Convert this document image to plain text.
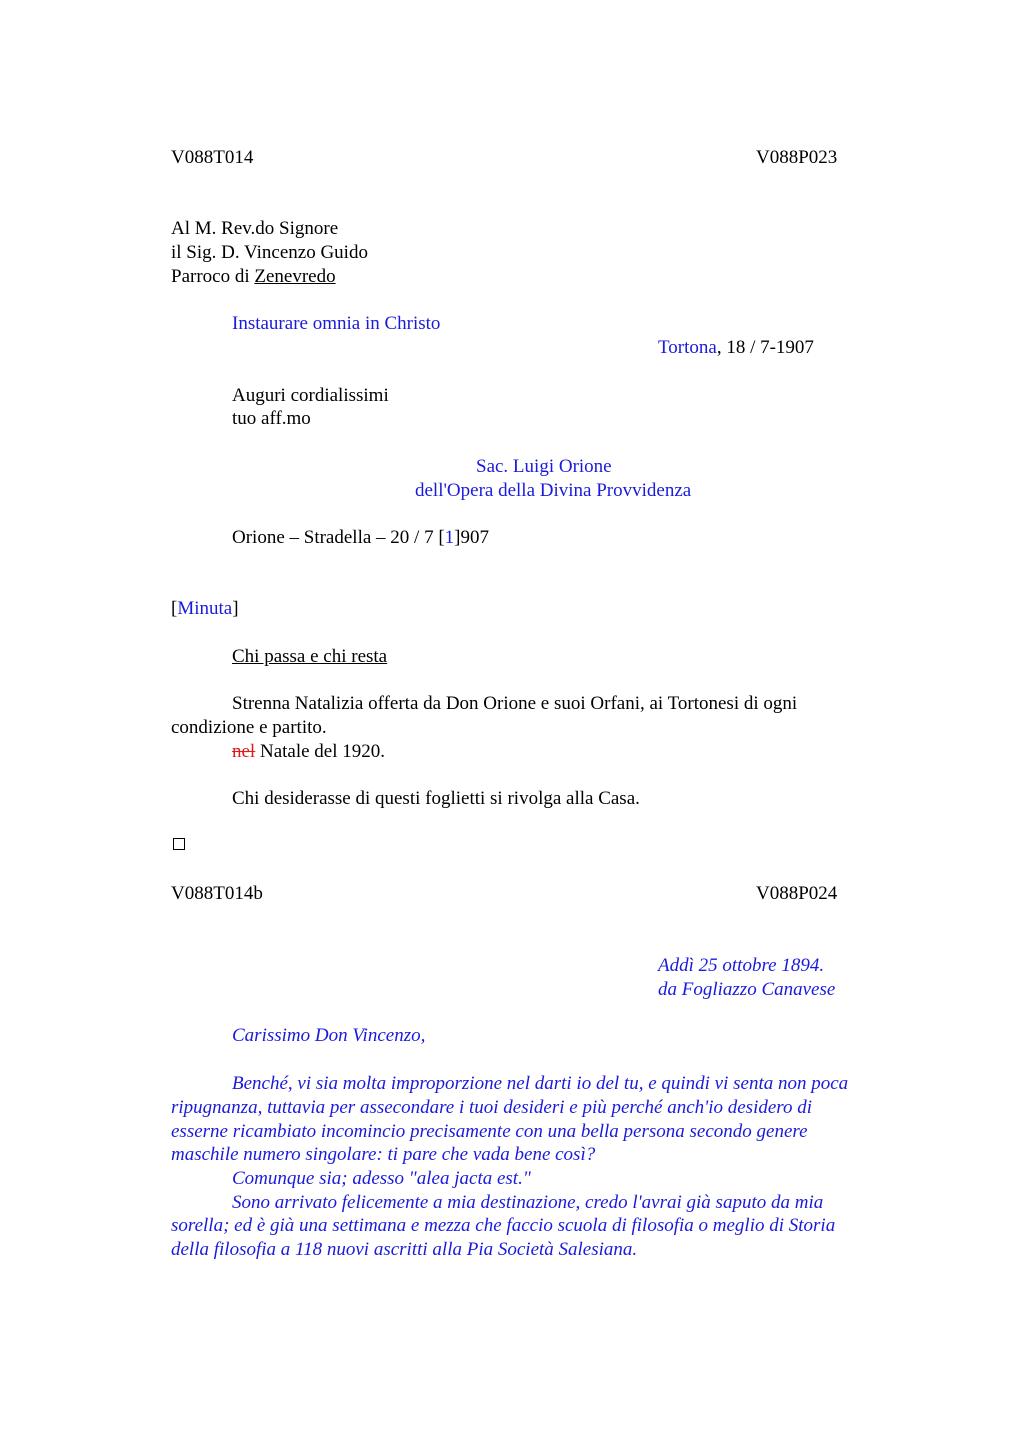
V088T014	V088P023
Al M. Rev.do Signore
il Sig. D. Vincenzo Guido
Parroco di Zenevredo
Instaurare omnia in Christo
Tortona, 18 / 7-1907
Auguri cordialissimi
tuo aff.mo
Sac. Luigi Orione
dell'Opera della Divina Provvidenza
Orione – Stradella – 20 / 7 [1]907
[Minuta]
Chi passa e chi resta
Strenna Natalizia offerta da Don Orione e suoi Orfani, ai Tortonesi di ogni
condizione e partito.
nel Natale del 1920.
Chi desiderasse di questi foglietti si rivolga alla Casa.
V088T014b	V088P024
Addì 25 ottobre 1894.
da Fogliazzo Canavese
Carissimo Don Vincenzo,
Benché, vi sia molta improporzione nel darti io del tu, e quindi vi senta non poca
ripugnanza, tuttavia per assecondare i tuoi desideri e più perché anch'io desidero di
esserne ricambiato incomincio precisamente con una bella persona secondo genere
maschile numero singolare: ti pare che vada bene così?
Comunque sia; adesso "alea jacta est."
Sono arrivato felicemente a mia destinazione, credo l'avrai già saputo da mia
sorella; ed è già una settimana e mezza che faccio scuola di filosofia o meglio di Storia
della filosofia a 118 nuovi ascritti alla Pia Società Salesiana.
